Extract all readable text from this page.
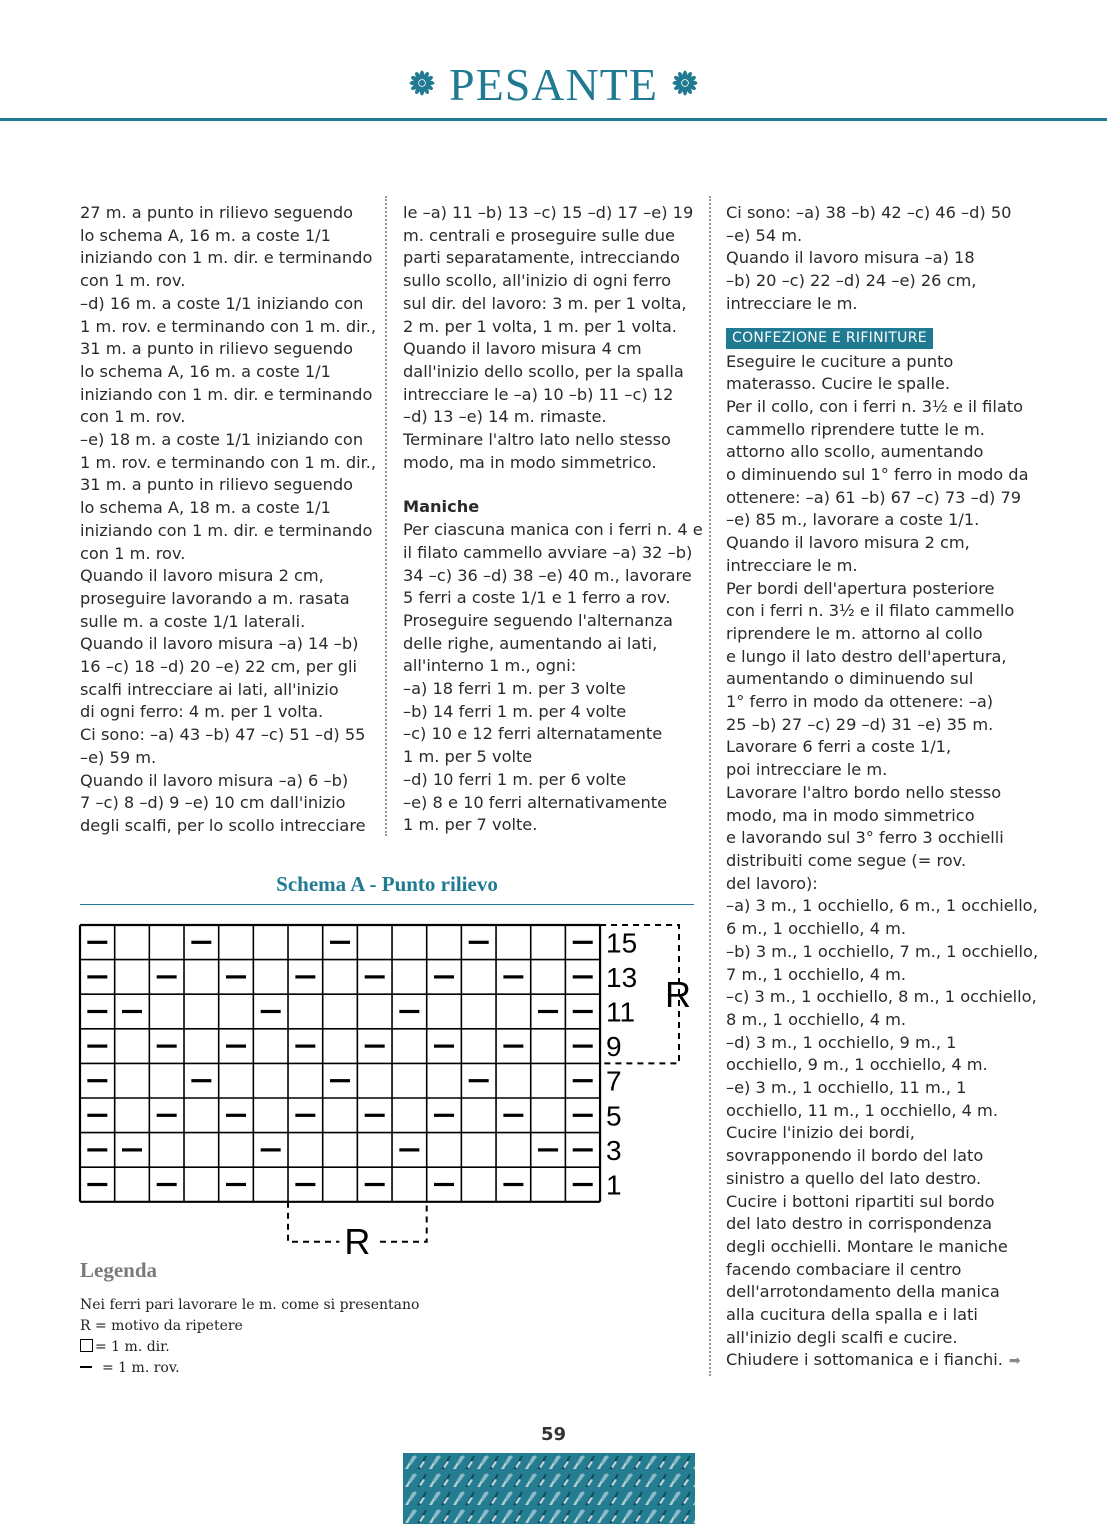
PESANTE

27 m. a punto in rilievo seguendo

lo schema A, 16 m. a coste 1/1

iniziando con 1 m. dir. e terminando

con 1 m. rov.

–d) 16 m. a coste 1/1 iniziando con

1 m. rov. e terminando con 1 m. dir.,

31 m. a punto in rilievo seguendo

lo schema A, 16 m. a coste 1/1

iniziando con 1 m. dir. e terminando

con 1 m. rov.

–e) 18 m. a coste 1/1 iniziando con

1 m. rov. e terminando con 1 m. dir.,

31 m. a punto in rilievo seguendo

lo schema A, 18 m. a coste 1/1

iniziando con 1 m. dir. e terminando

con 1 m. rov.

Quando il lavoro misura 2 cm,

proseguire lavorando a m. rasata

sulle m. a coste 1/1 laterali.

Quando il lavoro misura –a) 14 –b)

16 –c) 18 –d) 20 –e) 22 cm, per gli

scalfi intrecciare ai lati, all'inizio

di ogni ferro: 4 m. per 1 volta.

Ci sono: –a) 43 –b) 47 –c) 51 –d) 55

–e) 59 m.

Quando il lavoro misura –a) 6 –b)

7 –c) 8 –d) 9 –e) 10 cm dall'inizio

degli scalfi, per lo scollo intrecciare

le –a) 11 –b) 13 –c) 15 –d) 17 –e) 19

m. centrali e proseguire sulle due

parti separatamente, intrecciando

sullo scollo, all'inizio di ogni ferro

sul dir. del lavoro: 3 m. per 1 volta,

2 m. per 1 volta, 1 m. per 1 volta.

Quando il lavoro misura 4 cm

dall'inizio dello scollo, per la spalla

intrecciare le –a) 10 –b) 11 –c) 12

–d) 13 –e) 14 m. rimaste.

Terminare l'altro lato nello stesso

modo, ma in modo simmetrico.

Maniche

Per ciascuna manica con i ferri n. 4 e

il filato cammello avviare –a) 32 –b)

34 –c) 36 –d) 38 –e) 40 m., lavorare

5 ferri a coste 1/1 e 1 ferro a rov.

Proseguire seguendo l'alternanza

delle righe, aumentando ai lati,

all'interno 1 m., ogni:

–a) 18 ferri 1 m. per 3 volte

–b) 14 ferri 1 m. per 4 volte

–c) 10 e 12 ferri alternatamente

1 m. per 5 volte

–d) 10 ferri 1 m. per 6 volte

–e) 8 e 10 ferri alternativamente

1 m. per 7 volte.

Ci sono: –a) 38 –b) 42 –c) 46 –d) 50

–e) 54 m.

Quando il lavoro misura –a) 18

–b) 20 –c) 22 –d) 24 –e) 26 cm,

intrecciare le m.

CONFEZIONE E RIFINITURE

Eseguire le cuciture a punto

materasso. Cucire le spalle.

Per il collo, con i ferri n. 3½ e il filato

cammello riprendere tutte le m.

attorno allo scollo, aumentando

o diminuendo sul 1° ferro in modo da

ottenere: –a) 61 –b) 67 –c) 73 –d) 79

–e) 85 m., lavorare a coste 1/1.

Quando il lavoro misura 2 cm,

intrecciare le m.

Per bordi dell'apertura posteriore

con i ferri n. 3½ e il filato cammello

riprendere le m. attorno al collo

e lungo il lato destro dell'apertura,

aumentando o diminuendo sul

1° ferro in modo da ottenere: –a)

25 –b) 27 –c) 29 –d) 31 –e) 35 m.

Lavorare 6 ferri a coste 1/1,

poi intrecciare le m.

Lavorare l'altro bordo nello stesso

modo, ma in modo simmetrico

e lavorando sul 3° ferro 3 occhielli

distribuiti come segue (= rov.

del lavoro):

–a) 3 m., 1 occhiello, 6 m., 1 occhiello,

6 m., 1 occhiello, 4 m.

–b) 3 m., 1 occhiello, 7 m., 1 occhiello,

7 m., 1 occhiello, 4 m.

–c) 3 m., 1 occhiello, 8 m., 1 occhiello,

8 m., 1 occhiello, 4 m.

–d) 3 m., 1 occhiello, 9 m., 1

occhiello, 9 m., 1 occhiello, 4 m.

–e) 3 m., 1 occhiello, 11 m., 1

occhiello, 11 m., 1 occhiello, 4 m.

Cucire l'inizio dei bordi,

sovrapponendo il bordo del lato

sinistro a quello del lato destro.

Cucire i bottoni ripartiti sul bordo

del lato destro in corrispondenza

degli occhielli. Montare le maniche

facendo combaciare il centro

dell'arrotondamento della manica

alla cucitura della spalla e i lati

all'inizio degli scalfi e cucire.

Chiudere i sottomanica e i fianchi. ➡

Schema A - Punto rilievo
15
13
11
9
7
5
3
1
R
R
Legenda
Nei ferri pari lavorare le m. come si presentano
R = motivo da ripetere
= 1 m. dir.
= 1 m. rov.
59
